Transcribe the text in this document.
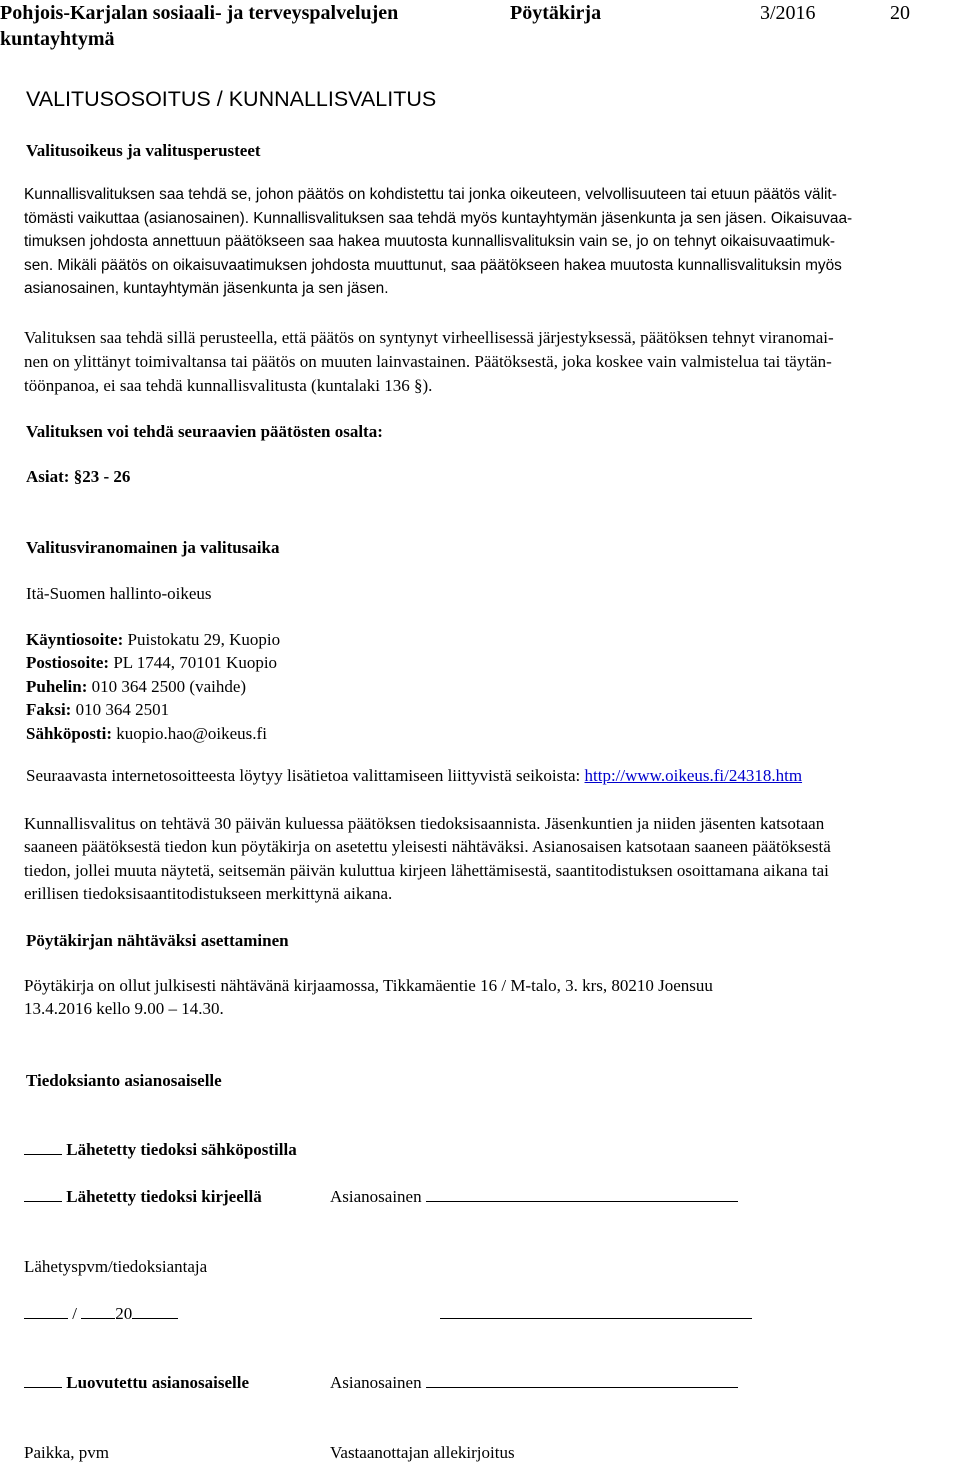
Pohjois-Karjalan sosiaali- ja terveyspalvelujen
kuntayhtymä
Pöytäkirja	3/2016	20
VALITUSOSOITUS / KUNNALLISVALITUS
Valitusoikeus ja valitusperusteet
Kunnallisvalituksen saa tehdä se, johon päätös on kohdistettu tai jonka oikeuteen, velvollisuuteen tai etuun päätös välit-
tömästi vaikuttaa (asianosainen). Kunnallisvalituksen saa tehdä myös kuntayhtymän jäsenkunta ja sen jäsen. Oikaisuvaa-
timuksen johdosta annettuun päätökseen saa hakea muutosta kunnallisvalituksin vain se, jo on tehnyt oikaisuvaatimuk-
sen. Mikäli päätös on oikaisuvaatimuksen johdosta muuttunut, saa päätökseen hakea muutosta kunnallisvalituksin myös
asianosainen, kuntayhtymän jäsenkunta ja sen jäsen.
Valituksen saa tehdä sillä perusteella, että päätös on syntynyt virheellisessä järjestyksessä, päätöksen tehnyt viranomai-
nen on ylittänyt toimivaltansa tai päätös on muuten lainvastainen. Päätöksestä, joka koskee vain valmistelua tai täytän-
töönpanoa, ei saa tehdä kunnallisvalitusta (kuntalaki 136 §).
Valituksen voi tehdä seuraavien päätösten osalta:
Asiat: §23 - 26
Valitusviranomainen ja valitusaika
Itä-Suomen hallinto-oikeus
Käyntiosoite: Puistokatu 29, Kuopio
Postiosoite: PL 1744, 70101 Kuopio
Puhelin: 010 364 2500 (vaihde)
Faksi: 010 364 2501
Sähköposti: kuopio.hao@oikeus.fi
Seuraavasta internetosoitteesta löytyy lisätietoa valittamiseen liittyvistä seikoista: http://www.oikeus.fi/24318.htm
Kunnallisvalitus on tehtävä 30 päivän kuluessa päätöksen tiedoksisaannista. Jäsenkuntien ja niiden jäsenten katsotaan
saaneen päätöksestä tiedon kun pöytäkirja on asetettu yleisesti nähtäväksi. Asianosaisen katsotaan saaneen päätöksestä
tiedon, jollei muuta näytetä, seitsemän päivän kuluttua kirjeen lähettämisestä, saantitodistuksen osoittamana aikana tai
erillisen tiedoksisaantitodistukseen merkittynä aikana.
Pöytäkirjan nähtäväksi asettaminen
Pöytäkirja on ollut julkisesti nähtävänä kirjaamossa, Tikkamäentie 16 / M-talo, 3. krs, 80210 Joensuu
13.4.2016 kello 9.00 – 14.30.
Tiedoksianto asianosaiselle
Lähetetty tiedoksi sähköpostilla
Lähetetty tiedoksi kirjeellä	Asianosainen
Lähetyspvm/tiedoksiantaja
/ 20
Luovutettu asianosaiselle	Asianosainen
Paikka, pvm	Vastaanottajan allekirjoitus
